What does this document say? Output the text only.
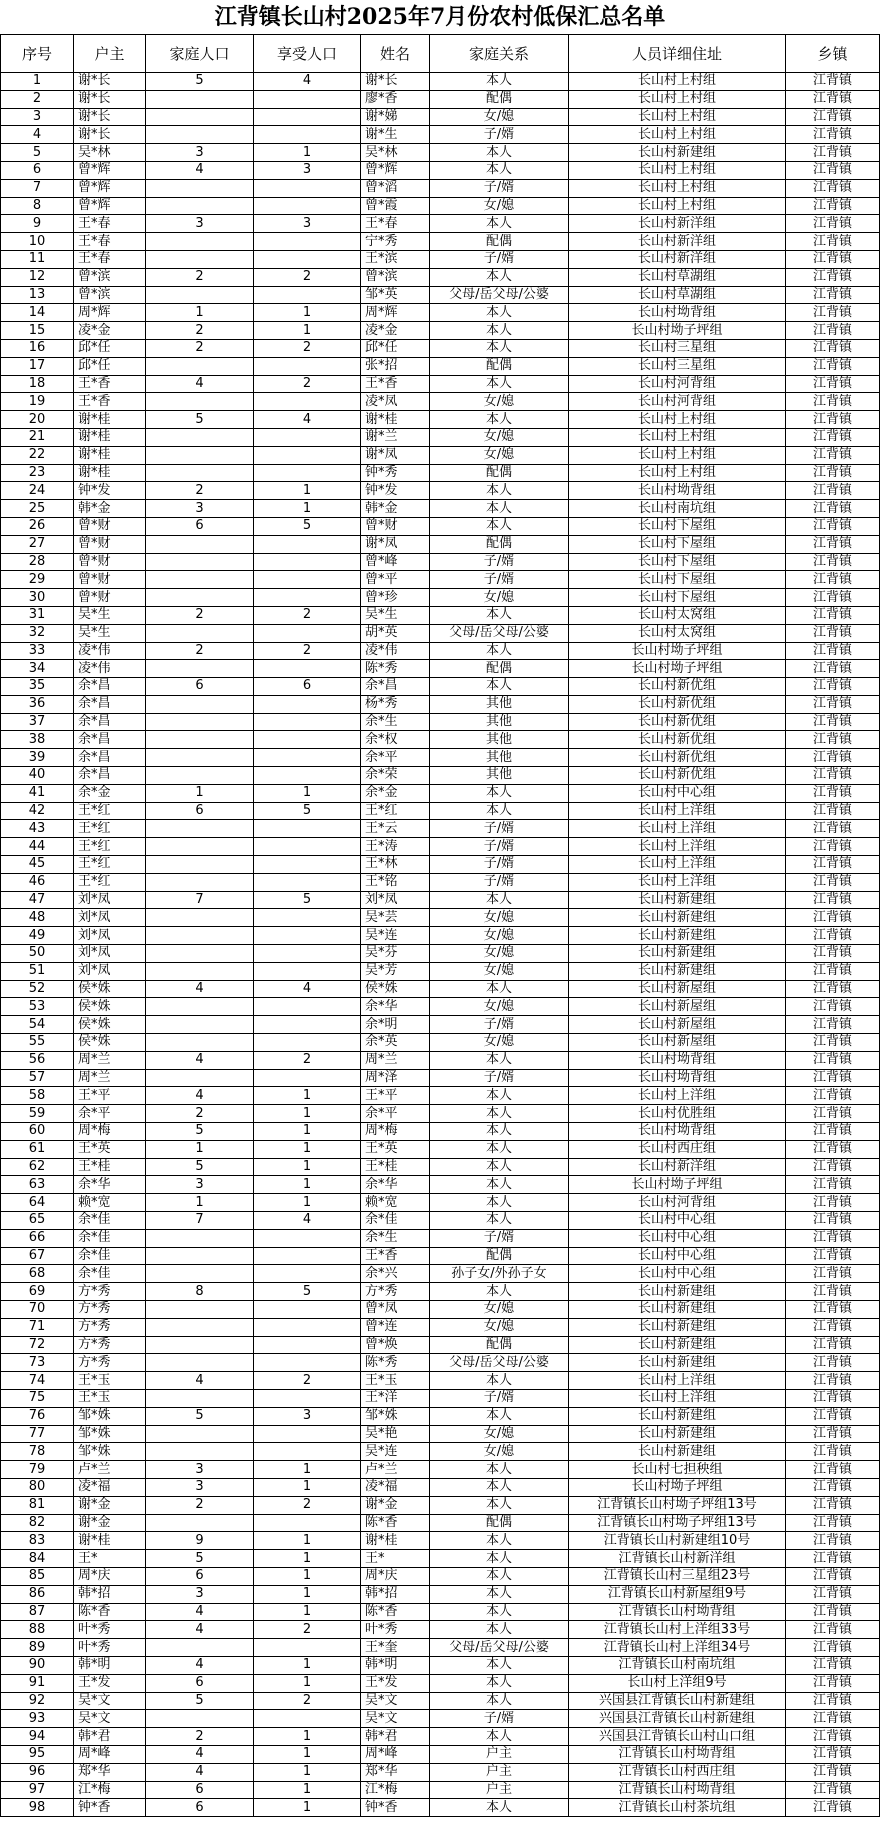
江背镇长山村2025年7月份农村低保汇总名单
序号	户主	家庭人口	享受人口	姓名	家庭关系	人员详细住址	乡镇
1	谢*长	5	4	谢*长	本人	长山村上村组	江背镇
2	谢*长			廖*香	配偶	长山村上村组	江背镇
3	谢*长			谢*娣	女/媳	长山村上村组	江背镇
4	谢*长			谢*生	子/婿	长山村上村组	江背镇
5	吴*林	3	1	吴*林	本人	长山村新建组	江背镇
6	曾*辉	4	3	曾*辉	本人	长山村上村组	江背镇
7	曾*辉			曾*滔	子/婿	长山村上村组	江背镇
8	曾*辉			曾*霞	女/媳	长山村上村组	江背镇
9	王*春	3	3	王*春	本人	长山村新洋组	江背镇
10	王*春			宁*秀	配偶	长山村新洋组	江背镇
11	王*春			王*滨	子/婿	长山村新洋组	江背镇
12	曾*滨	2	2	曾*滨	本人	长山村草湖组	江背镇
13	曾*滨			邹*英	父母/岳父母/公婆	长山村草湖组	江背镇
14	周*辉	1	1	周*辉	本人	长山村坳背组	江背镇
15	凌*金	2	1	凌*金	本人	长山村坳子坪组	江背镇
16	邱*任	2	2	邱*任	本人	长山村三星组	江背镇
17	邱*任			张*招	配偶	长山村三星组	江背镇
18	王*香	4	2	王*香	本人	长山村河背组	江背镇
19	王*香			凌*凤	女/媳	长山村河背组	江背镇
20	谢*桂	5	4	谢*桂	本人	长山村上村组	江背镇
21	谢*桂			谢*兰	女/媳	长山村上村组	江背镇
22	谢*桂			谢*凤	女/媳	长山村上村组	江背镇
23	谢*桂			钟*秀	配偶	长山村上村组	江背镇
24	钟*发	2	1	钟*发	本人	长山村坳背组	江背镇
25	韩*金	3	1	韩*金	本人	长山村南坑组	江背镇
26	曾*财	6	5	曾*财	本人	长山村下屋组	江背镇
27	曾*财			谢*凤	配偶	长山村下屋组	江背镇
28	曾*财			曾*峰	子/婿	长山村下屋组	江背镇
29	曾*财			曾*平	子/婿	长山村下屋组	江背镇
30	曾*财			曾*珍	女/媳	长山村下屋组	江背镇
31	吴*生	2	2	吴*生	本人	长山村太窝组	江背镇
32	吴*生			胡*英	父母/岳父母/公婆	长山村太窝组	江背镇
33	凌*伟	2	2	凌*伟	本人	长山村坳子坪组	江背镇
34	凌*伟			陈*秀	配偶	长山村坳子坪组	江背镇
35	余*昌	6	6	余*昌	本人	长山村新优组	江背镇
36	余*昌			杨*秀	其他	长山村新优组	江背镇
37	余*昌			余*生	其他	长山村新优组	江背镇
38	余*昌			余*权	其他	长山村新优组	江背镇
39	余*昌			余*平	其他	长山村新优组	江背镇
40	余*昌			余*荣	其他	长山村新优组	江背镇
41	余*金	1	1	余*金	本人	长山村中心组	江背镇
42	王*红	6	5	王*红	本人	长山村上洋组	江背镇
43	王*红			王*云	子/婿	长山村上洋组	江背镇
44	王*红			王*涛	子/婿	长山村上洋组	江背镇
45	王*红			王*林	子/婿	长山村上洋组	江背镇
46	王*红			王*铭	子/婿	长山村上洋组	江背镇
47	刘*凤	7	5	刘*凤	本人	长山村新建组	江背镇
48	刘*凤			吴*芸	女/媳	长山村新建组	江背镇
49	刘*凤			吴*连	女/媳	长山村新建组	江背镇
50	刘*凤			吴*芬	女/媳	长山村新建组	江背镇
51	刘*凤			吴*芳	女/媳	长山村新建组	江背镇
52	侯*姝	4	4	侯*姝	本人	长山村新屋组	江背镇
53	侯*姝			余*华	女/媳	长山村新屋组	江背镇
54	侯*姝			余*明	子/婿	长山村新屋组	江背镇
55	侯*姝			余*英	女/媳	长山村新屋组	江背镇
56	周*兰	4	2	周*兰	本人	长山村坳背组	江背镇
57	周*兰			周*泽	子/婿	长山村坳背组	江背镇
58	王*平	4	1	王*平	本人	长山村上洋组	江背镇
59	余*平	2	1	余*平	本人	长山村优胜组	江背镇
60	周*梅	5	1	周*梅	本人	长山村坳背组	江背镇
61	王*英	1	1	王*英	本人	长山村西庄组	江背镇
62	王*桂	5	1	王*桂	本人	长山村新洋组	江背镇
63	余*华	3	1	余*华	本人	长山村坳子坪组	江背镇
64	赖*宽	1	1	赖*宽	本人	长山村河背组	江背镇
65	余*佳	7	4	余*佳	本人	长山村中心组	江背镇
66	余*佳			余*生	子/婿	长山村中心组	江背镇
67	余*佳			王*香	配偶	长山村中心组	江背镇
68	余*佳			余*兴	孙子女/外孙子女	长山村中心组	江背镇
69	方*秀	8	5	方*秀	本人	长山村新建组	江背镇
70	方*秀			曾*凤	女/媳	长山村新建组	江背镇
71	方*秀			曾*连	女/媳	长山村新建组	江背镇
72	方*秀			曾*焕	配偶	长山村新建组	江背镇
73	方*秀			陈*秀	父母/岳父母/公婆	长山村新建组	江背镇
74	王*玉	4	2	王*玉	本人	长山村上洋组	江背镇
75	王*玉			王*洋	子/婿	长山村上洋组	江背镇
76	邹*姝	5	3	邹*姝	本人	长山村新建组	江背镇
77	邹*姝			吴*艳	女/媳	长山村新建组	江背镇
78	邹*姝			吴*连	女/媳	长山村新建组	江背镇
79	卢*兰	3	1	卢*兰	本人	长山村七担秧组	江背镇
80	凌*福	3	1	凌*福	本人	长山村坳子坪组	江背镇
81	谢*金	2	2	谢*金	本人	江背镇长山村坳子坪组13号	江背镇
82	谢*金			陈*香	配偶	江背镇长山村坳子坪组13号	江背镇
83	谢*桂	9	1	谢*桂	本人	江背镇长山村新建组10号	江背镇
84	王*	5	1	王*	本人	江背镇长山村新洋组	江背镇
85	周*庆	6	1	周*庆	本人	江背镇长山村三星组23号	江背镇
86	韩*招	3	1	韩*招	本人	江背镇长山村新屋组9号	江背镇
87	陈*香	4	1	陈*香	本人	江背镇长山村坳背组	江背镇
88	叶*秀	4	2	叶*秀	本人	江背镇长山村上洋组33号	江背镇
89	叶*秀			王*奎	父母/岳父母/公婆	江背镇长山村上洋组34号	江背镇
90	韩*明	4	1	韩*明	本人	江背镇长山村南坑组	江背镇
91	王*发	6	1	王*发	本人	长山村上洋组9号	江背镇
92	吴*文	5	2	吴*文	本人	兴国县江背镇长山村新建组	江背镇
93	吴*文			吴*文	子/婿	兴国县江背镇长山村新建组	江背镇
94	韩*君	2	1	韩*君	本人	兴国县江背镇长山村山口组	江背镇
95	周*峰	4	1	周*峰	户主	江背镇长山村坳背组	江背镇
96	郑*华	4	1	郑*华	户主	江背镇长山村西庄组	江背镇
97	江*梅	6	1	江*梅	户主	江背镇长山村坳背组	江背镇
98	钟*香	6	1	钟*香	本人	江背镇长山村茶坑组	江背镇
